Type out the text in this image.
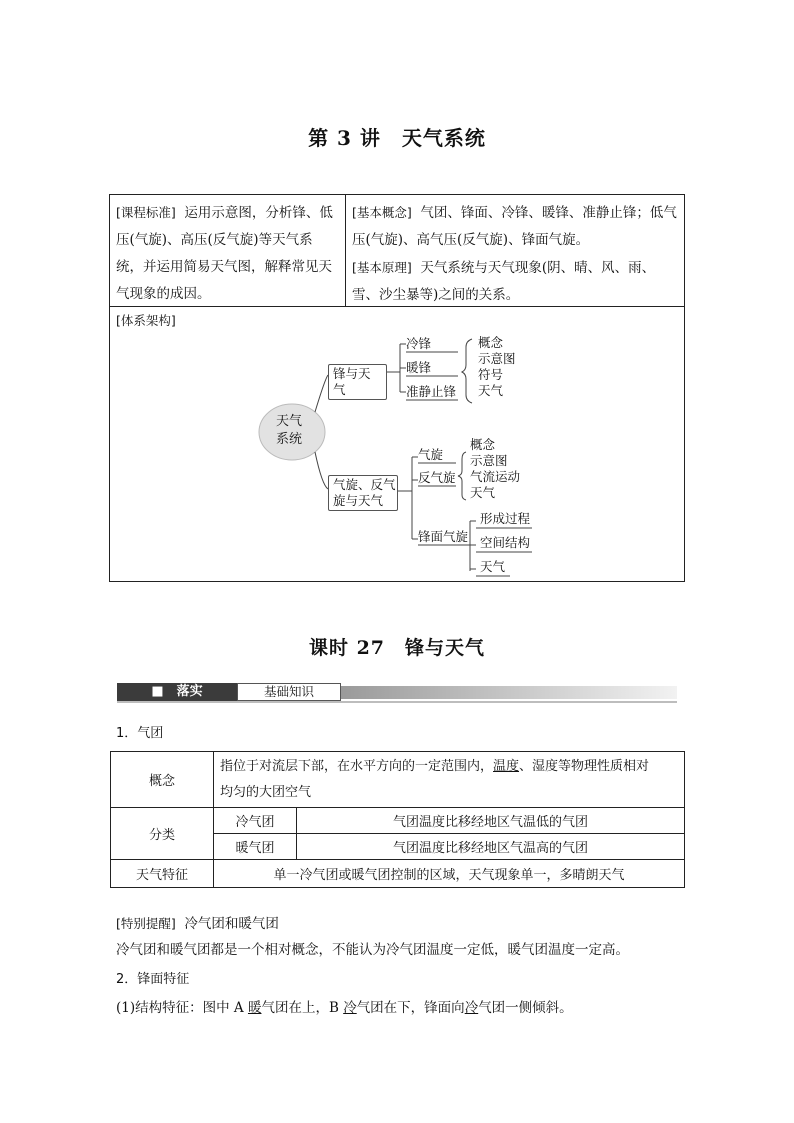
第 3 讲　天气系统
[课程标准] 运用示意图，分析锋、低压(气旋)、高压(反气旋)等天气系统，并运用简易天气图，解释常见天气现象的成因。
[基本概念] 气团、锋面、冷锋、暖锋、准静止锋；低气压(气旋)、高气压(反气旋)、锋面气旋。
[基本原理] 天气系统与天气现象(阴、晴、风、雨、雪、沙尘暴等)之间的关系。
[体系架构]
天气
系统
锋与天气
冷锋
暖锋
准静止锋
概念
示意图
符号
天气
气旋、反气
旋与天气
气旋
反气旋
概念
示意图
气流运动
天气
锋面气旋
形成过程
空间结构
天气
课时 27　锋与天气
■　落实	基础知识
1．气团
概念	指位于对流层下部，在水平方向的一定范围内，温度、湿度等物理性质相对
均匀的大团空气	
分类	冷气团	气团温度比移经地区气温低的气团
	暖气团	气团温度比移经地区气温高的气团
天气特征	单一冷气团或暖气团控制的区域，天气现象单一，多晴朗天气	
[特别提醒] 冷气团和暖气团
冷气团和暖气团都是一个相对概念，不能认为冷气团温度一定低，暖气团温度一定高。
2．锋面特征
(1)结构特征：图中 A 暖气团在上，B 冷气团在下，锋面向冷气团一侧倾斜。
